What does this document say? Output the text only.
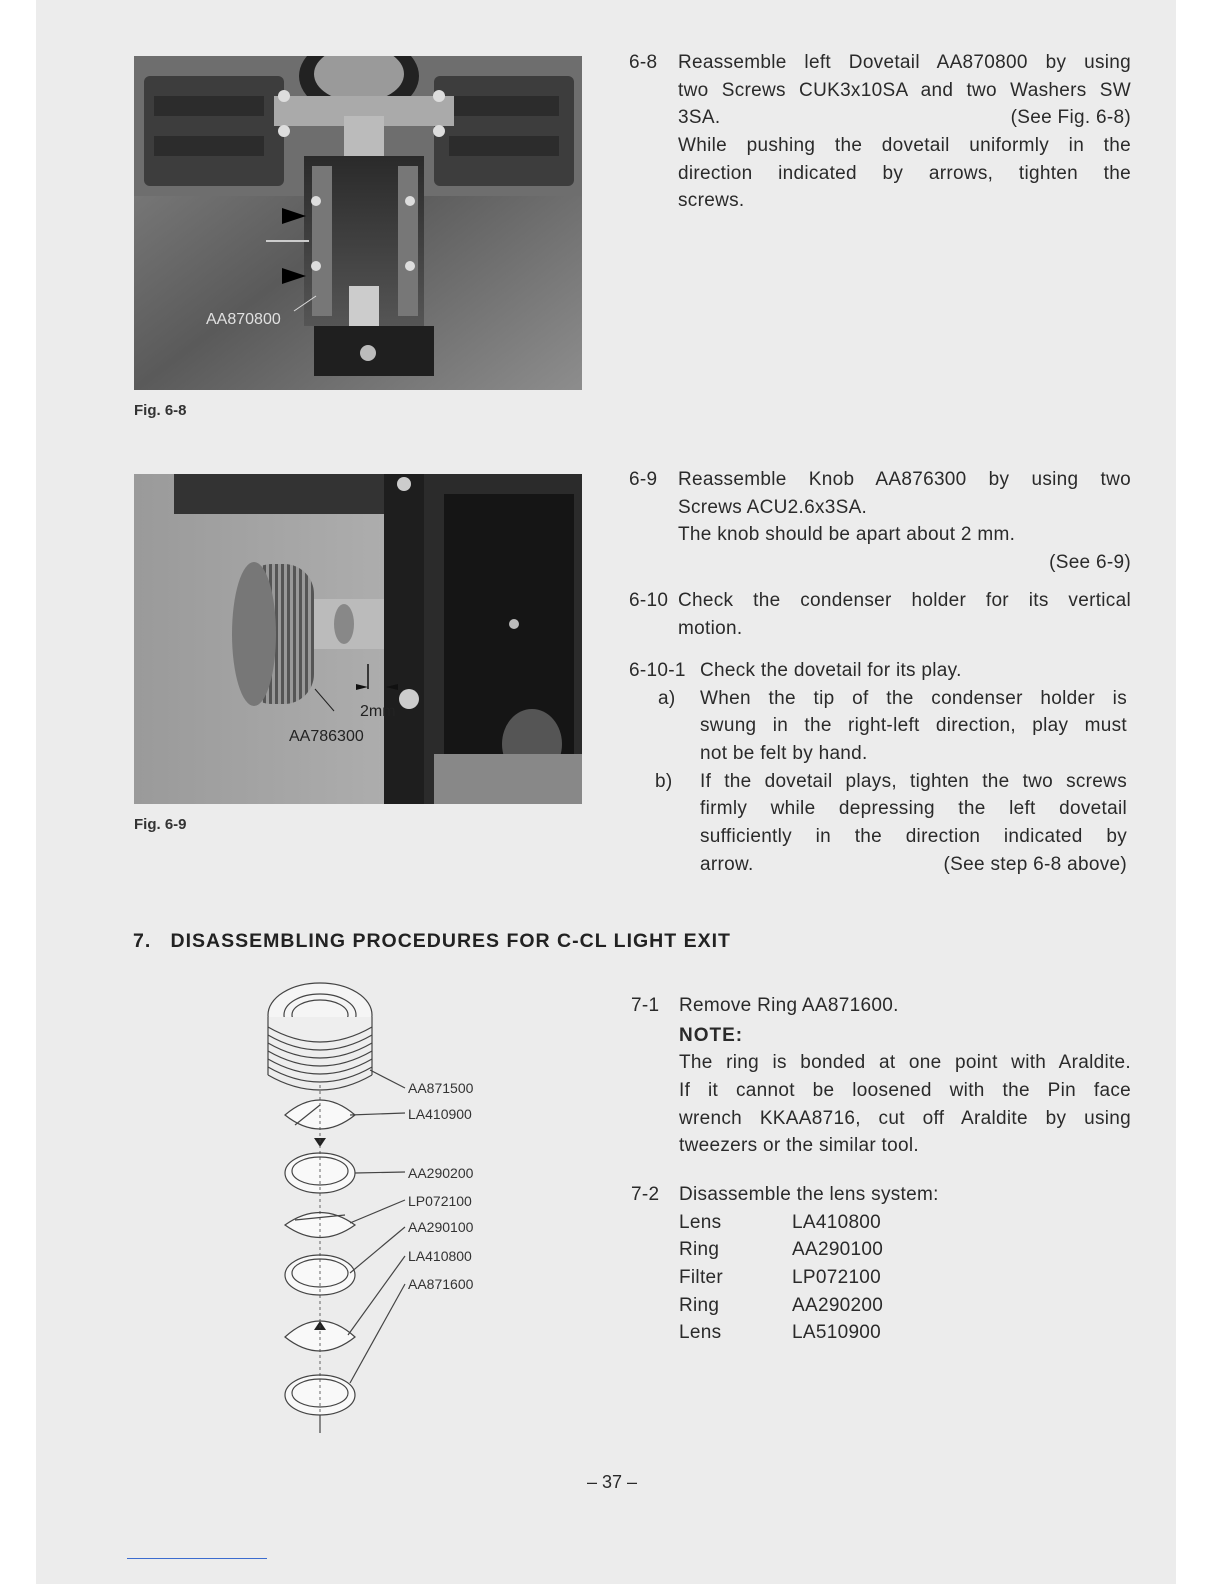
AA870800
Fig. 6-8
6-8 Reassemble left Dovetail AA870800 by using
two Screws CUK3x10SA and two Washers SW
3SA.	(See Fig. 6-8)
While pushing the dovetail uniformly in the
direction indicated by arrows, tighten the
screws.
2mm
AA786300
Fig. 6-9
6-9 Reassemble Knob AA876300 by using two
Screws ACU2.6x3SA.
The knob should be apart about 2 mm.
(See 6-9)
6-10 Check the condenser holder for its vertical
motion.
6-10-1 Check the dovetail for its play.
a) When the tip of the condenser holder is
swung in the right-left direction, play must
not be felt by hand.
b) If the dovetail plays, tighten the two screws
firmly while depressing the left dovetail
sufficiently in the direction indicated by
arrow.	(See step 6-8 above)
7.   DISASSEMBLING PROCEDURES FOR C-CL LIGHT EXIT
AA871500
LA410900
AA290200
LP072100
AA290100
LA410800
AA871600
7-1 Remove Ring AA871600.
NOTE:
The ring is bonded at one point with Araldite.
If it cannot be loosened with the Pin face
wrench KKAA8716, cut off Araldite by using
tweezers or the similar tool.
7-2 Disassemble the lens system:
Lens	LA410800
Ring	AA290100
Filter	LP072100
Ring	AA290200
Lens	LA510900
– 37 –
